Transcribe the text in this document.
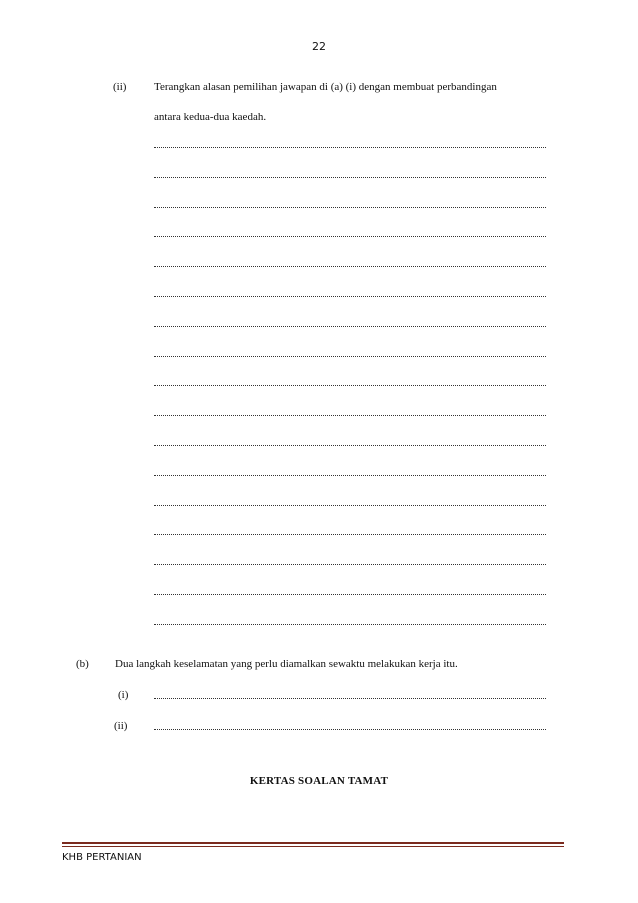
22
(ii)	Terangkan alasan pemilihan jawapan di (a) (i) dengan membuat perbandingan
antara kedua-dua kaedah.
(b) Dua langkah keselamatan yang perlu diamalkan sewaktu melakukan kerja itu.
(i)
(ii)
KERTAS SOALAN TAMAT
KHB PERTANIAN
